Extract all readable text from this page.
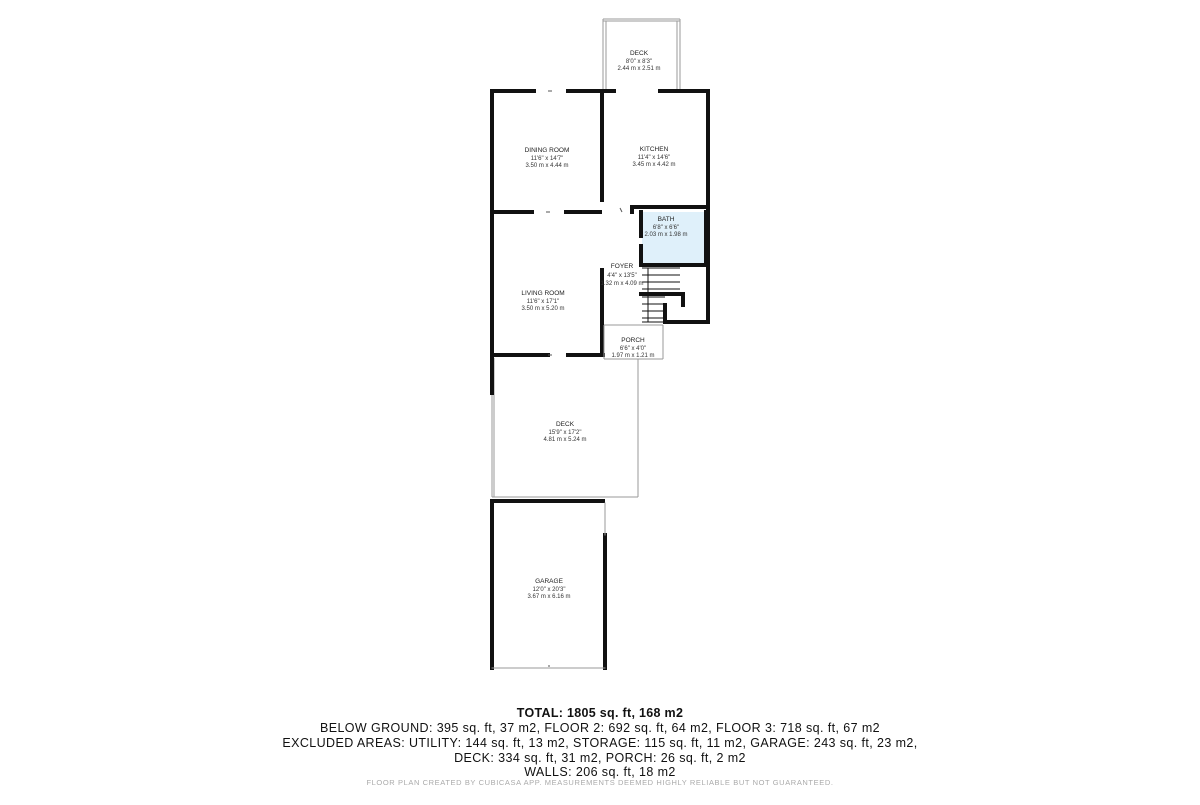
DECK
8'0" x 8'3"
2.44 m x 2.51 m
DINING ROOM
11'6" x 14'7"
3.50 m x 4.44 m
KITCHEN
11'4" x 14'6"
3.45 m x 4.42 m
BATH
6'8" x 6'6"
2.03 m x 1.98 m
FOYER
4'4" x 13'5"
1.32 m x 4.09 m
LIVING ROOM
11'6" x 17'1"
3.50 m x 5.20 m
PORCH
6'6" x 4'0"
1.97 m x 1.21 m
DECK
15'9" x 17'2"
4.81 m x 5.24 m
GARAGE
12'0" x 20'3"
3.67 m x 6.16 m
TOTAL: 1805 sq. ft, 168 m2
BELOW GROUND: 395 sq. ft, 37 m2, FLOOR 2: 692 sq. ft, 64 m2, FLOOR 3: 718 sq. ft, 67 m2
EXCLUDED AREAS: UTILITY: 144 sq. ft, 13 m2, STORAGE: 115 sq. ft, 11 m2, GARAGE: 243 sq. ft, 23 m2,
DECK: 334 sq. ft, 31 m2, PORCH: 26 sq. ft, 2 m2
WALLS: 206 sq. ft, 18 m2
FLOOR PLAN CREATED BY CUBICASA APP. MEASUREMENTS DEEMED HIGHLY RELIABLE BUT NOT GUARANTEED.
